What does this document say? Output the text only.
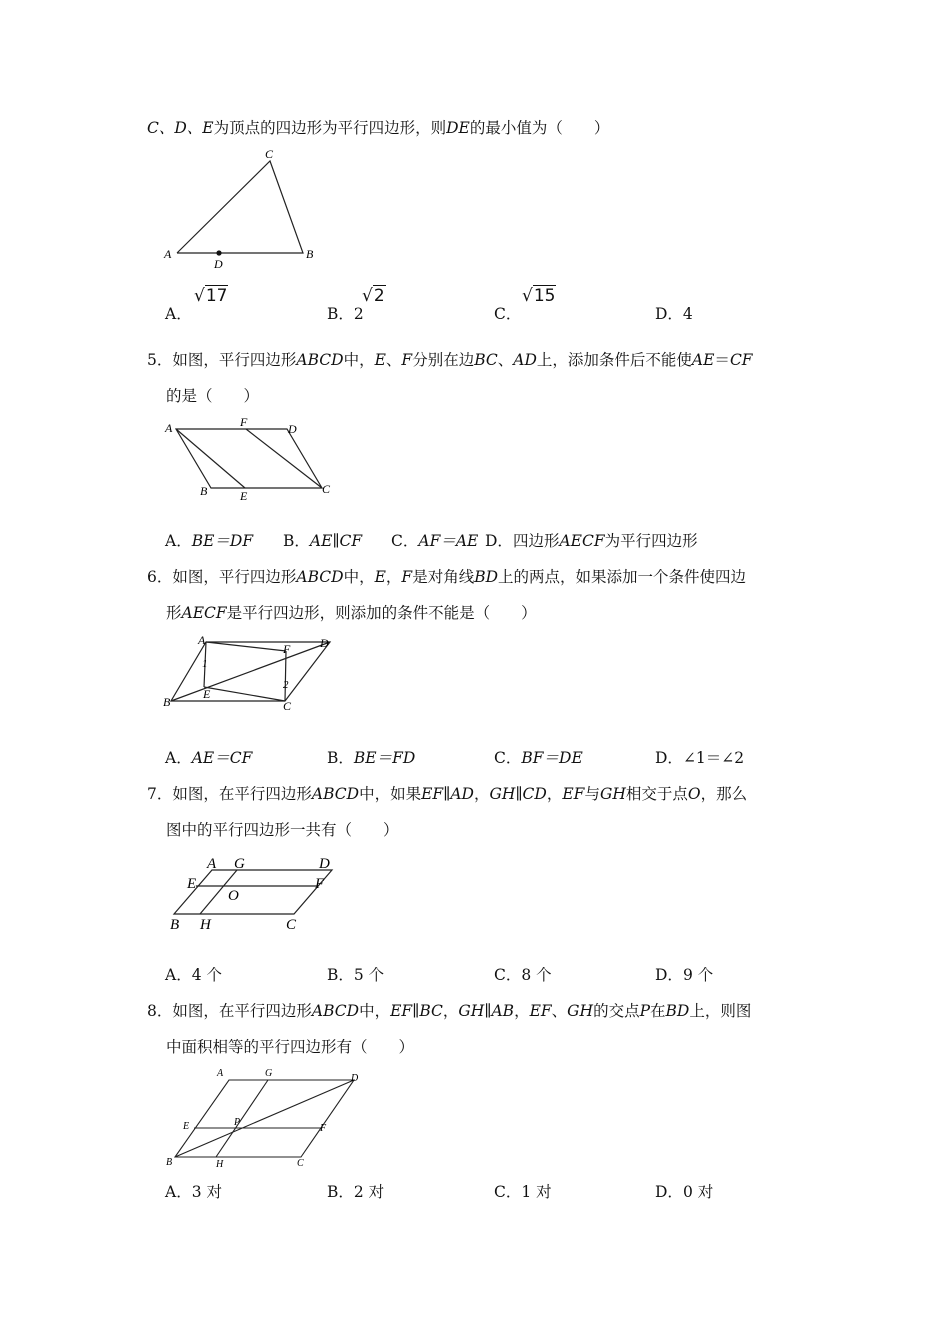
C、D、E为顶点的四边形为平行四边形，则DE的最小值为（　　）
C
A	B
D
A．
√17
B．2
√2
C．
√15
D．4
5．如图，平行四边形ABCD中，E、F分别在边BC、AD上，添加条件后不能使AE＝CF
的是（　　）
A	F	D
B	E	C
A．BE＝DF B．AE∥CF C．AF＝AE D．四边形AECF为平行四边形
6．如图，平行四边形ABCD中，E，F是对角线BD上的两点，如果添加一个条件使四边
形AECF是平行四边形，则添加的条件不能是（　　）
A	D
F
1
2
E
B	C
A．AE＝CF	B．BE＝FD	C．BF＝DE	D．∠1＝∠2
7．如图，在平行四边形ABCD中，如果EF∥AD，GH∥CD，EF与GH相交于点O，那么
图中的平行四边形一共有（　　）
A G	D
E	F
O
B H	C
A．4 个	B．5 个	C．8 个	D．9 个
8．如图，在平行四边形ABCD中，EF∥BC，GH∥AB，EF、GH的交点P在BD上，则图
中面积相等的平行四边形有（　　）
A	G	D
E	P
F
B	H	C
A．3 对	B．2 对	C．1 对	D．0 对
